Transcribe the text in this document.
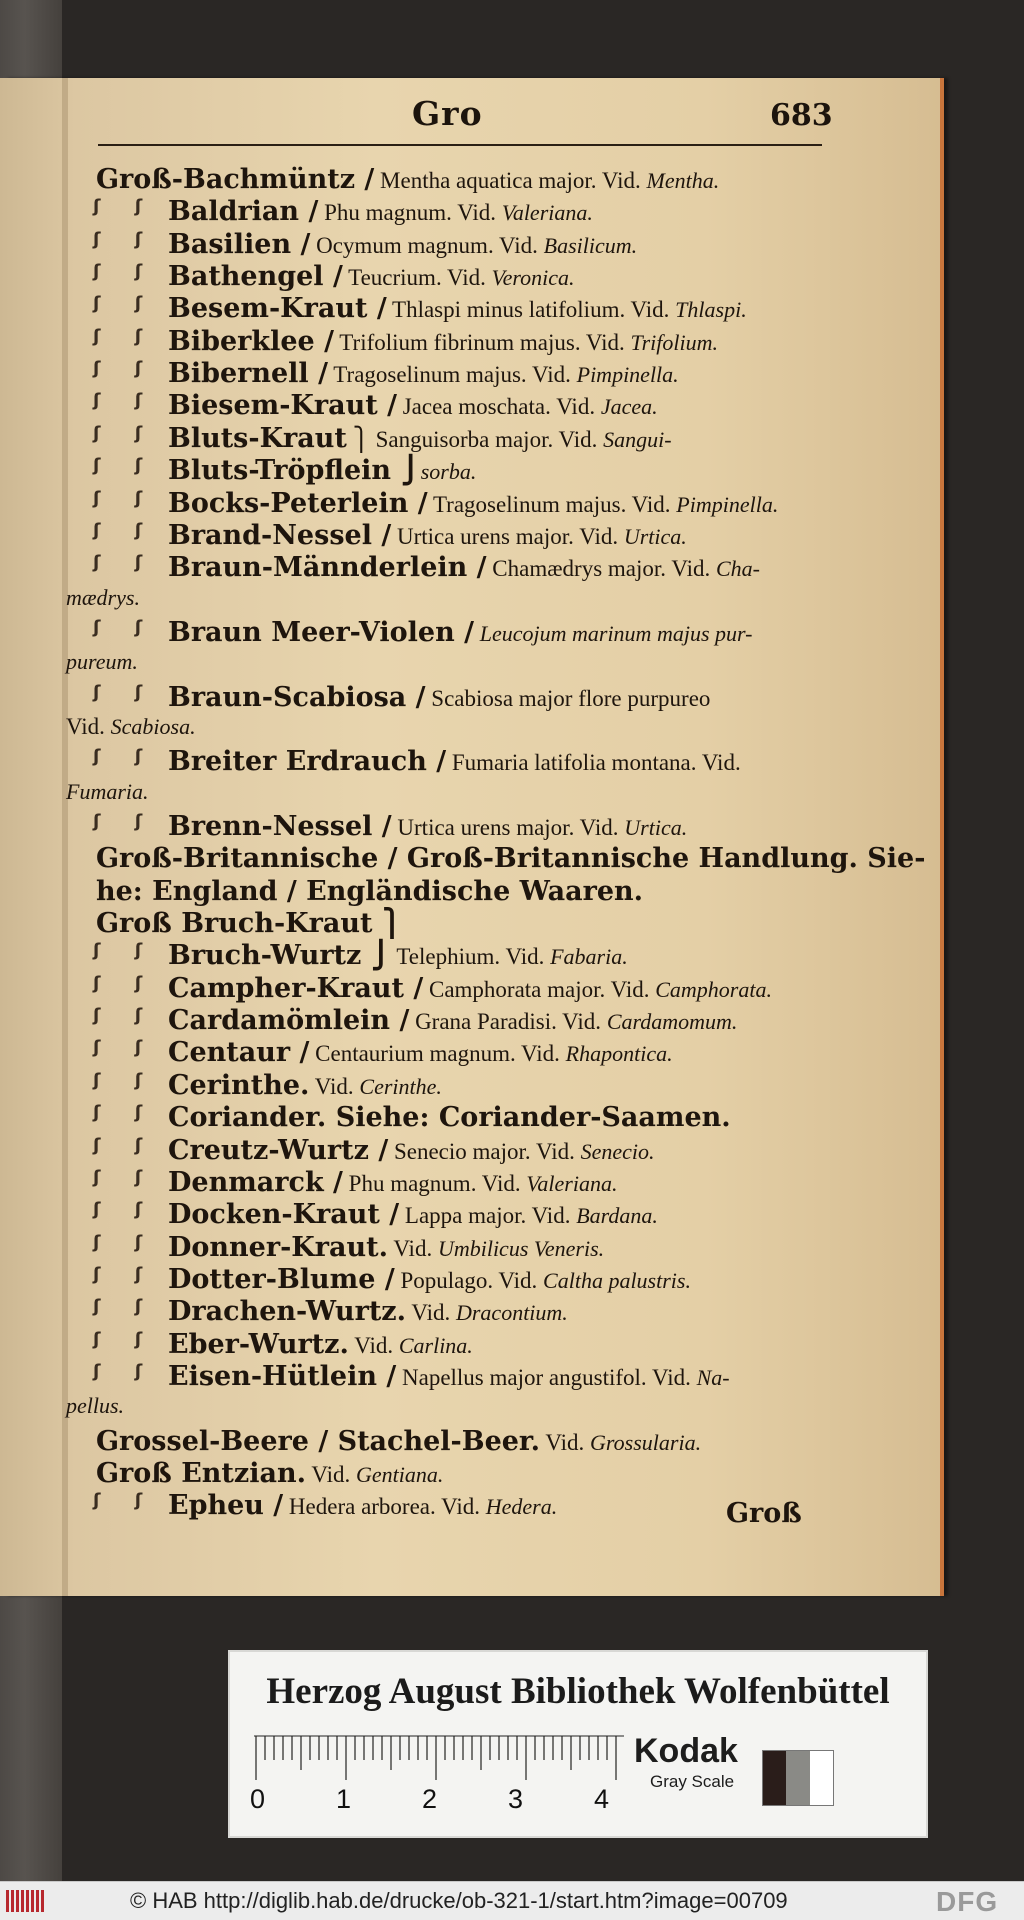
Gro	683
Groß-Bachmüntz / Mentha aquatica major. Vid. Mentha.
ʃ ʃ Baldrian / Phu magnum. Vid. Valeriana.
ʃ ʃ Basilien / Ocymum magnum. Vid. Basilicum.
ʃ ʃ Bathengel / Teucrium. Vid. Veronica.
ʃ ʃ Besem-Kraut / Thlaspi minus latifolium. Vid. Thlaspi.
ʃ ʃ Biberklee / Trifolium fibrinum majus. Vid. Trifolium.
ʃ ʃ Bibernell / Tragoselinum majus. Vid. Pimpinella.
ʃ ʃ Biesem-Kraut / Jacea moschata. Vid. Jacea.
ʃ ʃ Bluts-Kraut ⎫ Sanguisorba major. Vid. Sangui-
ʃ ʃ Bluts-Tröpflein ⎭sorba.
ʃ ʃ Bocks-Peterlein / Tragoselinum majus. Vid. Pimpinella.
ʃ ʃ Brand-Nessel / Urtica urens major. Vid. Urtica.
ʃ ʃ Braun-Männderlein / Chamædrys major. Vid. Cha-
mædrys.
ʃ ʃ Braun Meer-Violen / Leucojum marinum majus pur-
pureum.
ʃ ʃ Braun-Scabiosa / Scabiosa major flore purpureo
Vid. Scabiosa.
ʃ ʃ Breiter Erdrauch / Fumaria latifolia montana. Vid.
Fumaria.
ʃ ʃ Brenn-Nessel / Urtica urens major. Vid. Urtica.
Groß-Britannische / Groß-Britannische Handlung. Sie-
he: England / Engländische Waaren.
Groß Bruch-Kraut ⎫
ʃ ʃ Bruch-Wurtz ⎭ Telephium. Vid. Fabaria.
ʃ ʃ Campher-Kraut / Camphorata major. Vid. Camphorata.
ʃ ʃ Cardamömlein / Grana Paradisi. Vid. Cardamomum.
ʃ ʃ Centaur / Centaurium magnum. Vid. Rhapontica.
ʃ ʃ Cerinthe. Vid. Cerinthe.
ʃ ʃ Coriander. Siehe: Coriander-Saamen.
ʃ ʃ Creutz-Wurtz / Senecio major. Vid. Senecio.
ʃ ʃ Denmarck / Phu magnum. Vid. Valeriana.
ʃ ʃ Docken-Kraut / Lappa major. Vid. Bardana.
ʃ ʃ Donner-Kraut. Vid. Umbilicus Veneris.
ʃ ʃ Dotter-Blume / Populago. Vid. Caltha palustris.
ʃ ʃ Drachen-Wurtz. Vid. Dracontium.
ʃ ʃ Eber-Wurtz. Vid. Carlina.
ʃ ʃ Eisen-Hütlein / Napellus major angustifol. Vid. Na-
pellus.
Grossel-Beere / Stachel-Beer. Vid. Grossularia.
Groß Entzian. Vid. Gentiana.
ʃ ʃ Epheu / Hedera arborea. Vid. Hedera.	Groß
Herzog August Bibliothek Wolfenbüttel
0	1	2	3	4
Kodak
Gray Scale
© HAB http://diglib.hab.de/drucke/ob-321-1/start.htm?image=00709	DFG
